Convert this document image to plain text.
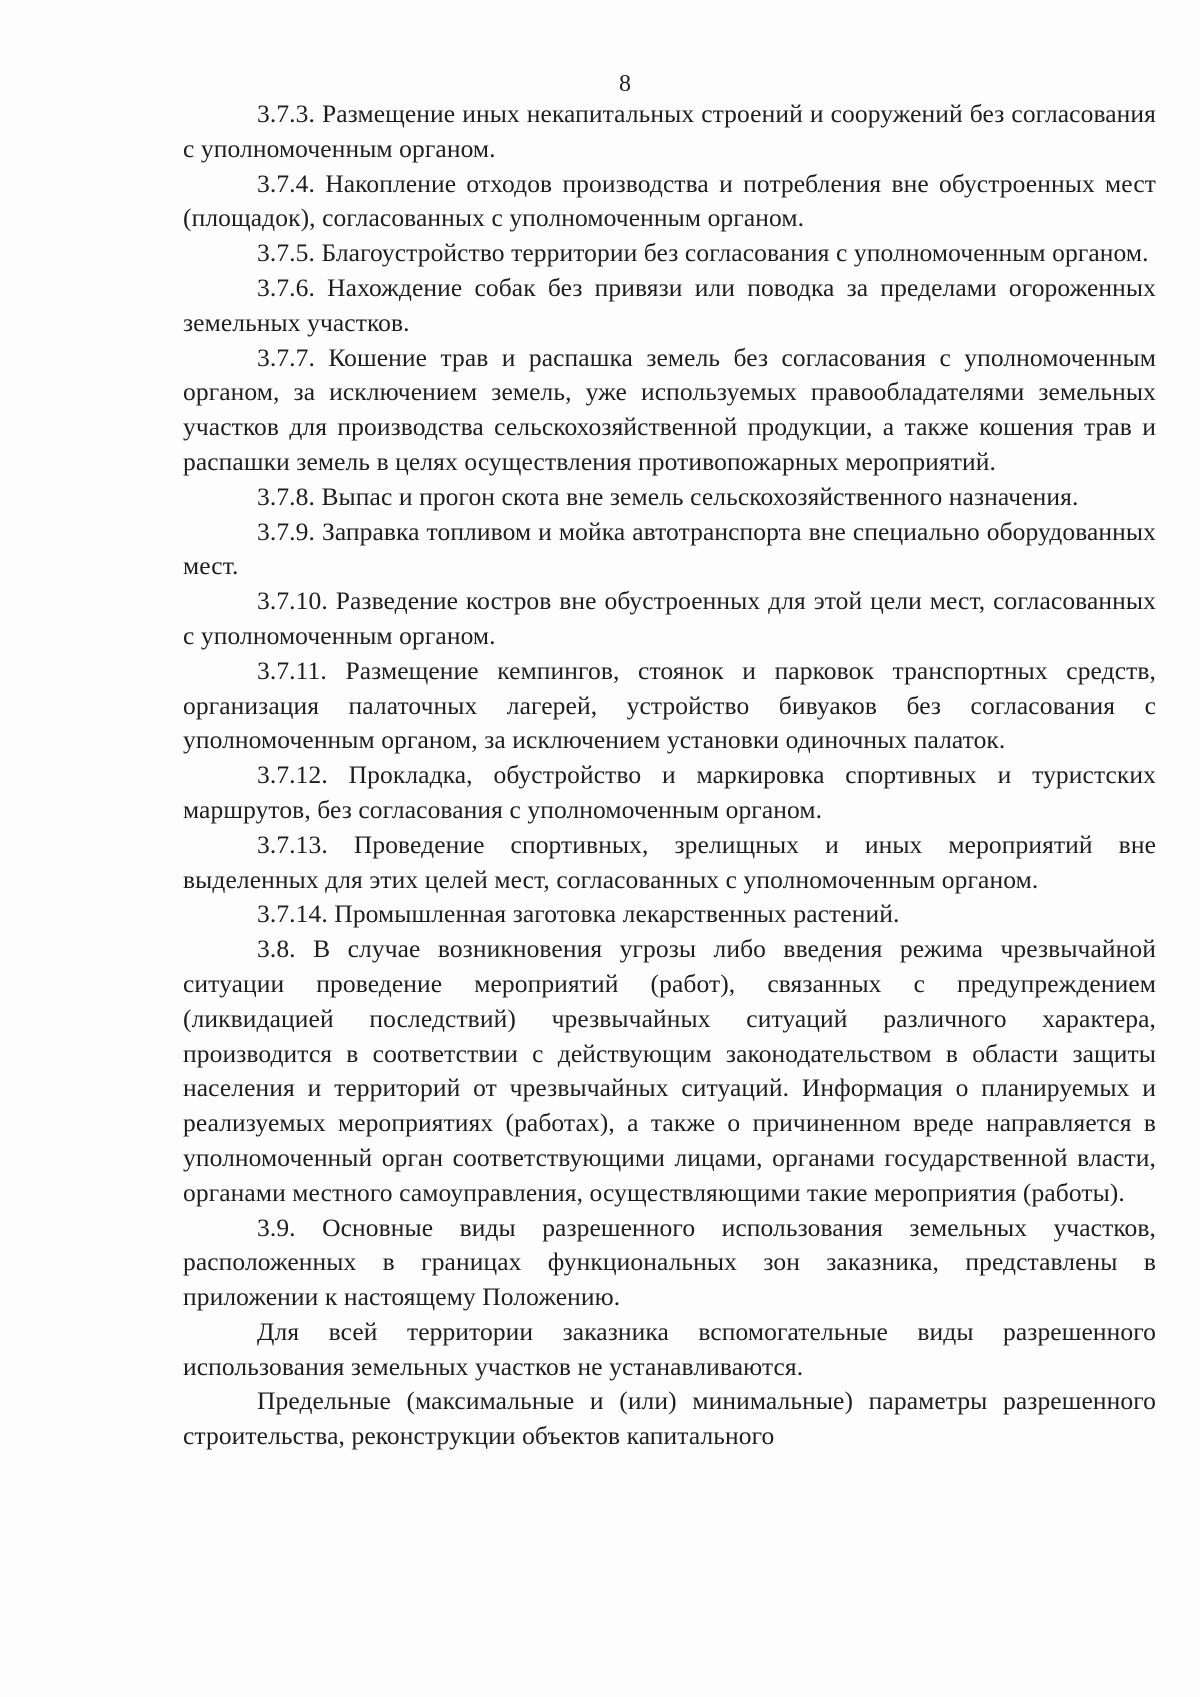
8

3.7.3. Размещение иных некапитальных строений и сооружений без согласования с уполномоченным органом.

3.7.4. Накопление отходов производства и потребления вне обустроенных мест (площадок), согласованных с уполномоченным органом.

3.7.5. Благоустройство территории без согласования с уполномоченным органом.

3.7.6. Нахождение собак без привязи или поводка за пределами огороженных земельных участков.

3.7.7. Кошение трав и распашка земель без согласования с уполномоченным органом, за исключением земель, уже используемых правообладателями земельных участков для производства сельскохозяйственной продукции, а также кошения трав и распашки земель в целях осуществления противопожарных мероприятий.

3.7.8. Выпас и прогон скота вне земель сельскохозяйственного назначения.

3.7.9. Заправка топливом и мойка автотранспорта вне специально оборудованных мест.

3.7.10. Разведение костров вне обустроенных для этой цели мест, согласованных с уполномоченным органом.

3.7.11. Размещение кемпингов, стоянок и парковок транспортных средств, организация палаточных лагерей, устройство бивуаков без согласования с уполномоченным органом, за исключением установки одиночных палаток.

3.7.12. Прокладка, обустройство и маркировка спортивных и туристских маршрутов, без согласования с уполномоченным органом.

3.7.13. Проведение спортивных, зрелищных и иных мероприятий вне выделенных для этих целей мест, согласованных с уполномоченным органом.

3.7.14. Промышленная заготовка лекарственных растений.

3.8. В случае возникновения угрозы либо введения режима чрезвычайной ситуации проведение мероприятий (работ), связанных с предупреждением (ликвидацией последствий) чрезвычайных ситуаций различного характера, производится в соответствии с действующим законодательством в области защиты населения и территорий от чрезвычайных ситуаций. Информация о планируемых и реализуемых мероприятиях (работах), а также о причиненном вреде направляется в уполномоченный орган соответствующими лицами, органами государственной власти, органами местного самоуправления, осуществляющими такие мероприятия (работы).

3.9. Основные виды разрешенного использования земельных участков, расположенных в границах функциональных зон заказника, представлены в приложении к настоящему Положению.

Для всей территории заказника вспомогательные виды разрешенного использования земельных участков не устанавливаются.

Предельные (максимальные и (или) минимальные) параметры разрешенного строительства, реконструкции объектов капитального
